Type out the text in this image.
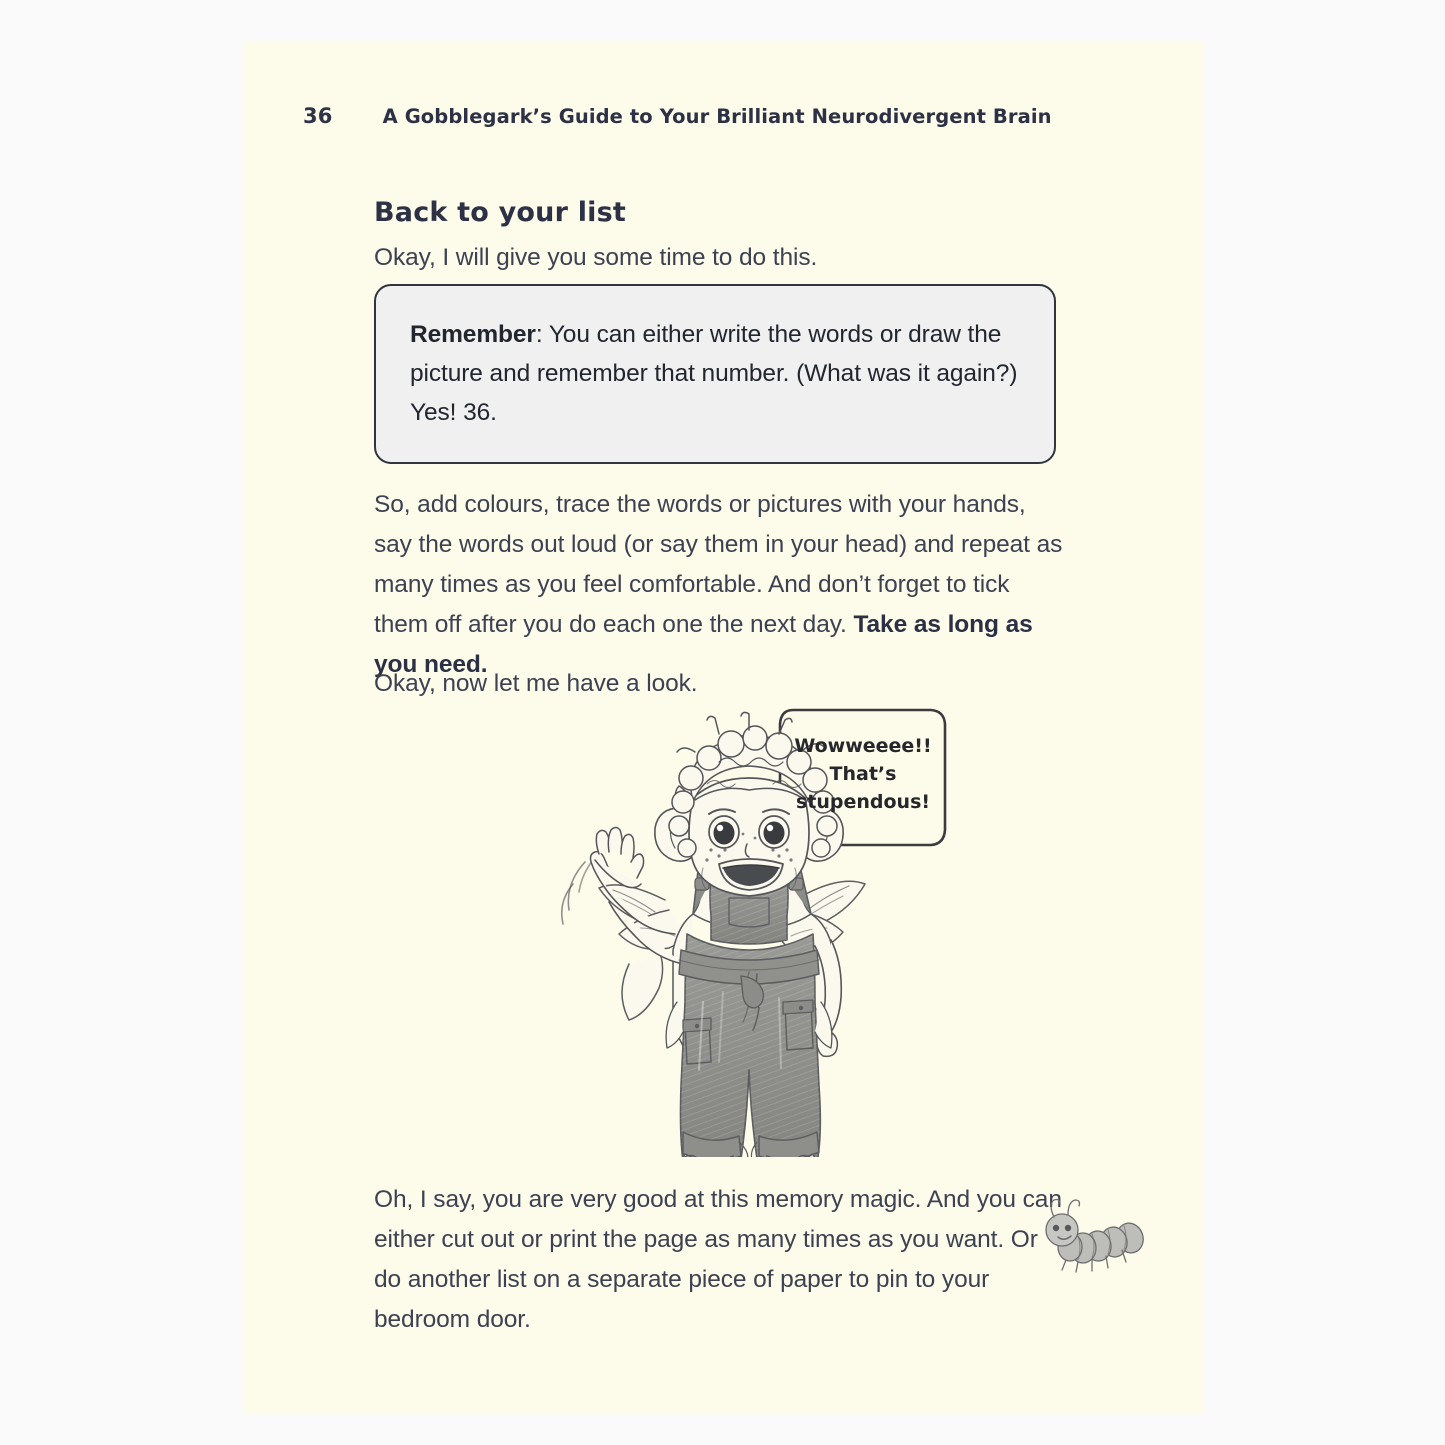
36	A Gobblegark’s Guide to Your Brilliant Neurodivergent Brain
Back to your list

Okay, I will give you some time to do this.

Remember: You can either write the words or draw the picture and remember that number. (What was it again?) Yes! 36.

So, add colours, trace the words or pictures with your hands, say the words out loud (or say them in your head) and repeat as many times as you feel comfortable. And don’t forget to tick them off after you do each one the next day. Take as long as you need.

Okay, now let me have a look.

Wowweeee!!
That’s
stupendous!

Oh, I say, you are very good at this memory magic. And you can either cut out or print the page as many times as you want. Or do another list on a separate piece of paper to pin to your bedroom door.
